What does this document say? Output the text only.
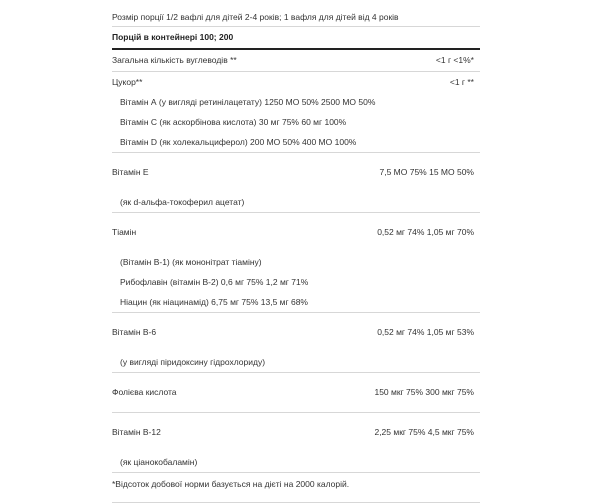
Розмір порції 1/2 вафлі для дітей 2-4 років; 1 вафля для дітей від 4 років
Порцій в контейнері 100; 200
Загальна кількість вуглеводів **	<1 г <1%*
Цукор**	<1 г **
Вітамін А (у вигляді ретинілацетату) 1250 МО 50% 2500 МО 50%
Вітамін С (як аскорбінова кислота) 30 мг 75% 60 мг 100%
Вітамін D (як холекальциферол) 200 МО 50% 400 МО 100%
Вітамін Е	7,5 МО 75% 15 МО 50%
(як d-альфа-токоферил ацетат)
Тіамін	0,52 мг 74% 1,05 мг 70%
(Вітамін В-1) (як мононітрат тіаміну)
Рибофлавін (вітамін В-2) 0,6 мг 75% 1,2 мг 71%
Ніацин (як ніацинамід) 6,75 мг 75% 13,5 мг 68%
Вітамін В-6	0,52 мг 74% 1,05 мг 53%
(у вигляді піридоксину гідрохлориду)
Фолієва кислота	150 мкг 75% 300 мкг 75%
Вітамін В-12	2,25 мкг 75% 4,5 мкг 75%
(як ціанокобаламін)
*Відсоток добової норми базується на дієті на 2000 калорій.
